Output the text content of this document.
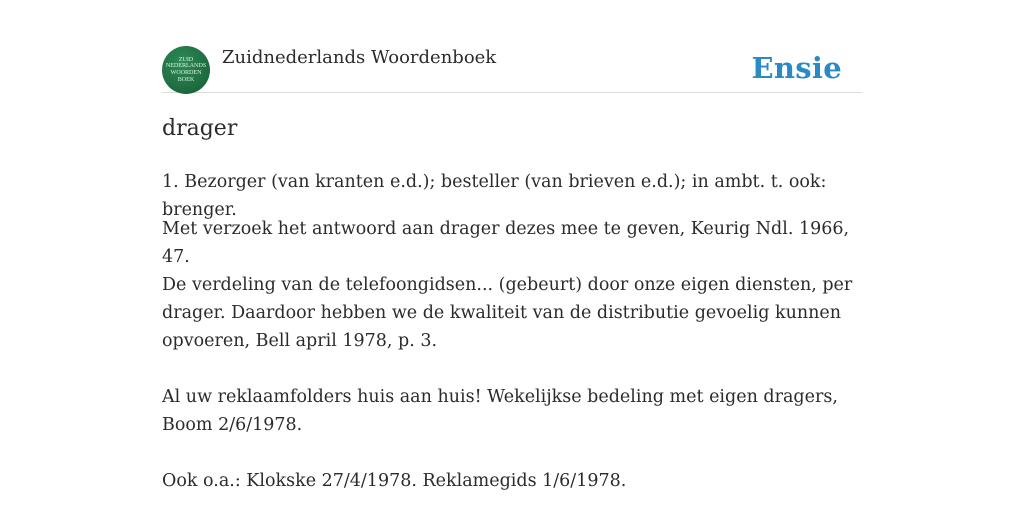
ZUID
NEDERLANDS
WOORDEN
BOEK
Zuidnederlands Woordenboek	Ensie
drager

1. Bezorger (van kranten e.d.); besteller (van brieven e.d.); in ambt. t. ook: brenger.

Met verzoek het antwoord aan drager dezes mee te geven, Keurig Ndl. 1966, 47.

De verdeling van de telefoongidsen... (gebeurt) door onze eigen diensten, per drager. Daardoor hebben we de kwaliteit van de distributie gevoelig kunnen opvoeren, Bell april 1978, p. 3.

Al uw reklaamfolders huis aan huis! Wekelijkse bedeling met eigen dragers, Boom 2/6/1978.

Ook o.a.: Klokske 27/4/1978. Reklamegids 1/6/1978.
